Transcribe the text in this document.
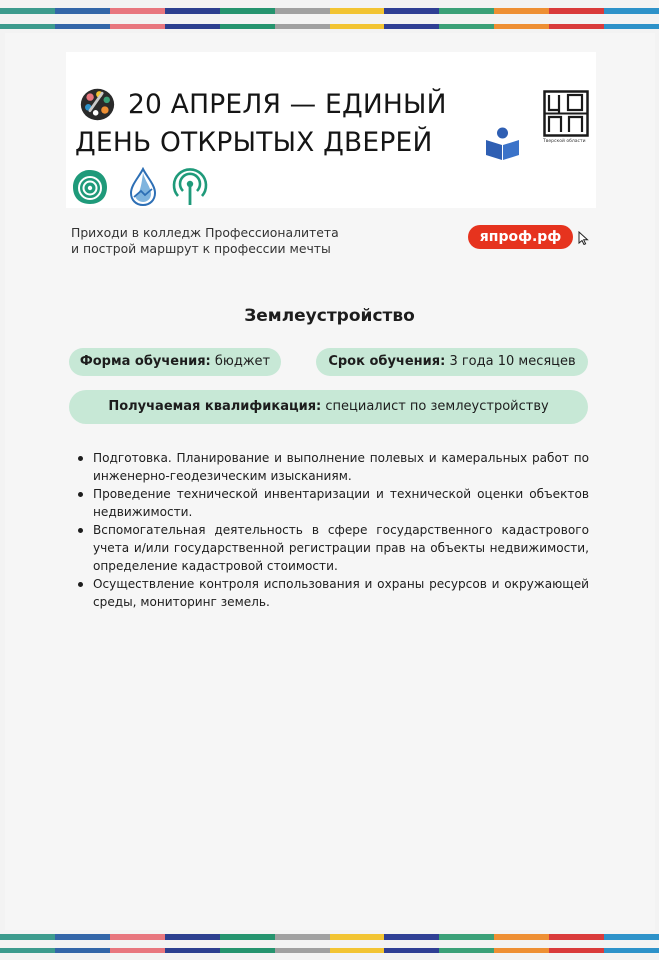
20 АПРЕЛЯ — ЕДИНЫЙ
ДЕНЬ ОТКРЫТЫХ ДВЕРЕЙ	Тверской области
Приходи в колледж Профессионалитета
и построй маршрут к профессии мечты
япроф.рф
Землеустройство
Форма обучения: бюджет	Срок обучения: 3 года 10 месяцев
Получаемая квалификация: специалист по землеустройству
Подготовка. Планирование и выполнение полевых и камеральных работ по инженерно-геодезическим изысканиям.
Проведение технической инвентаризации и технической оценки объектов недвижимости.
Вспомогательная деятельность в сфере государственного кадастрового учета и/или государственной регистрации прав на объекты недвижимости, определение кадастровой стоимости.
Осуществление контроля использования и охраны ресурсов и окружающей среды, мониторинг земель.
